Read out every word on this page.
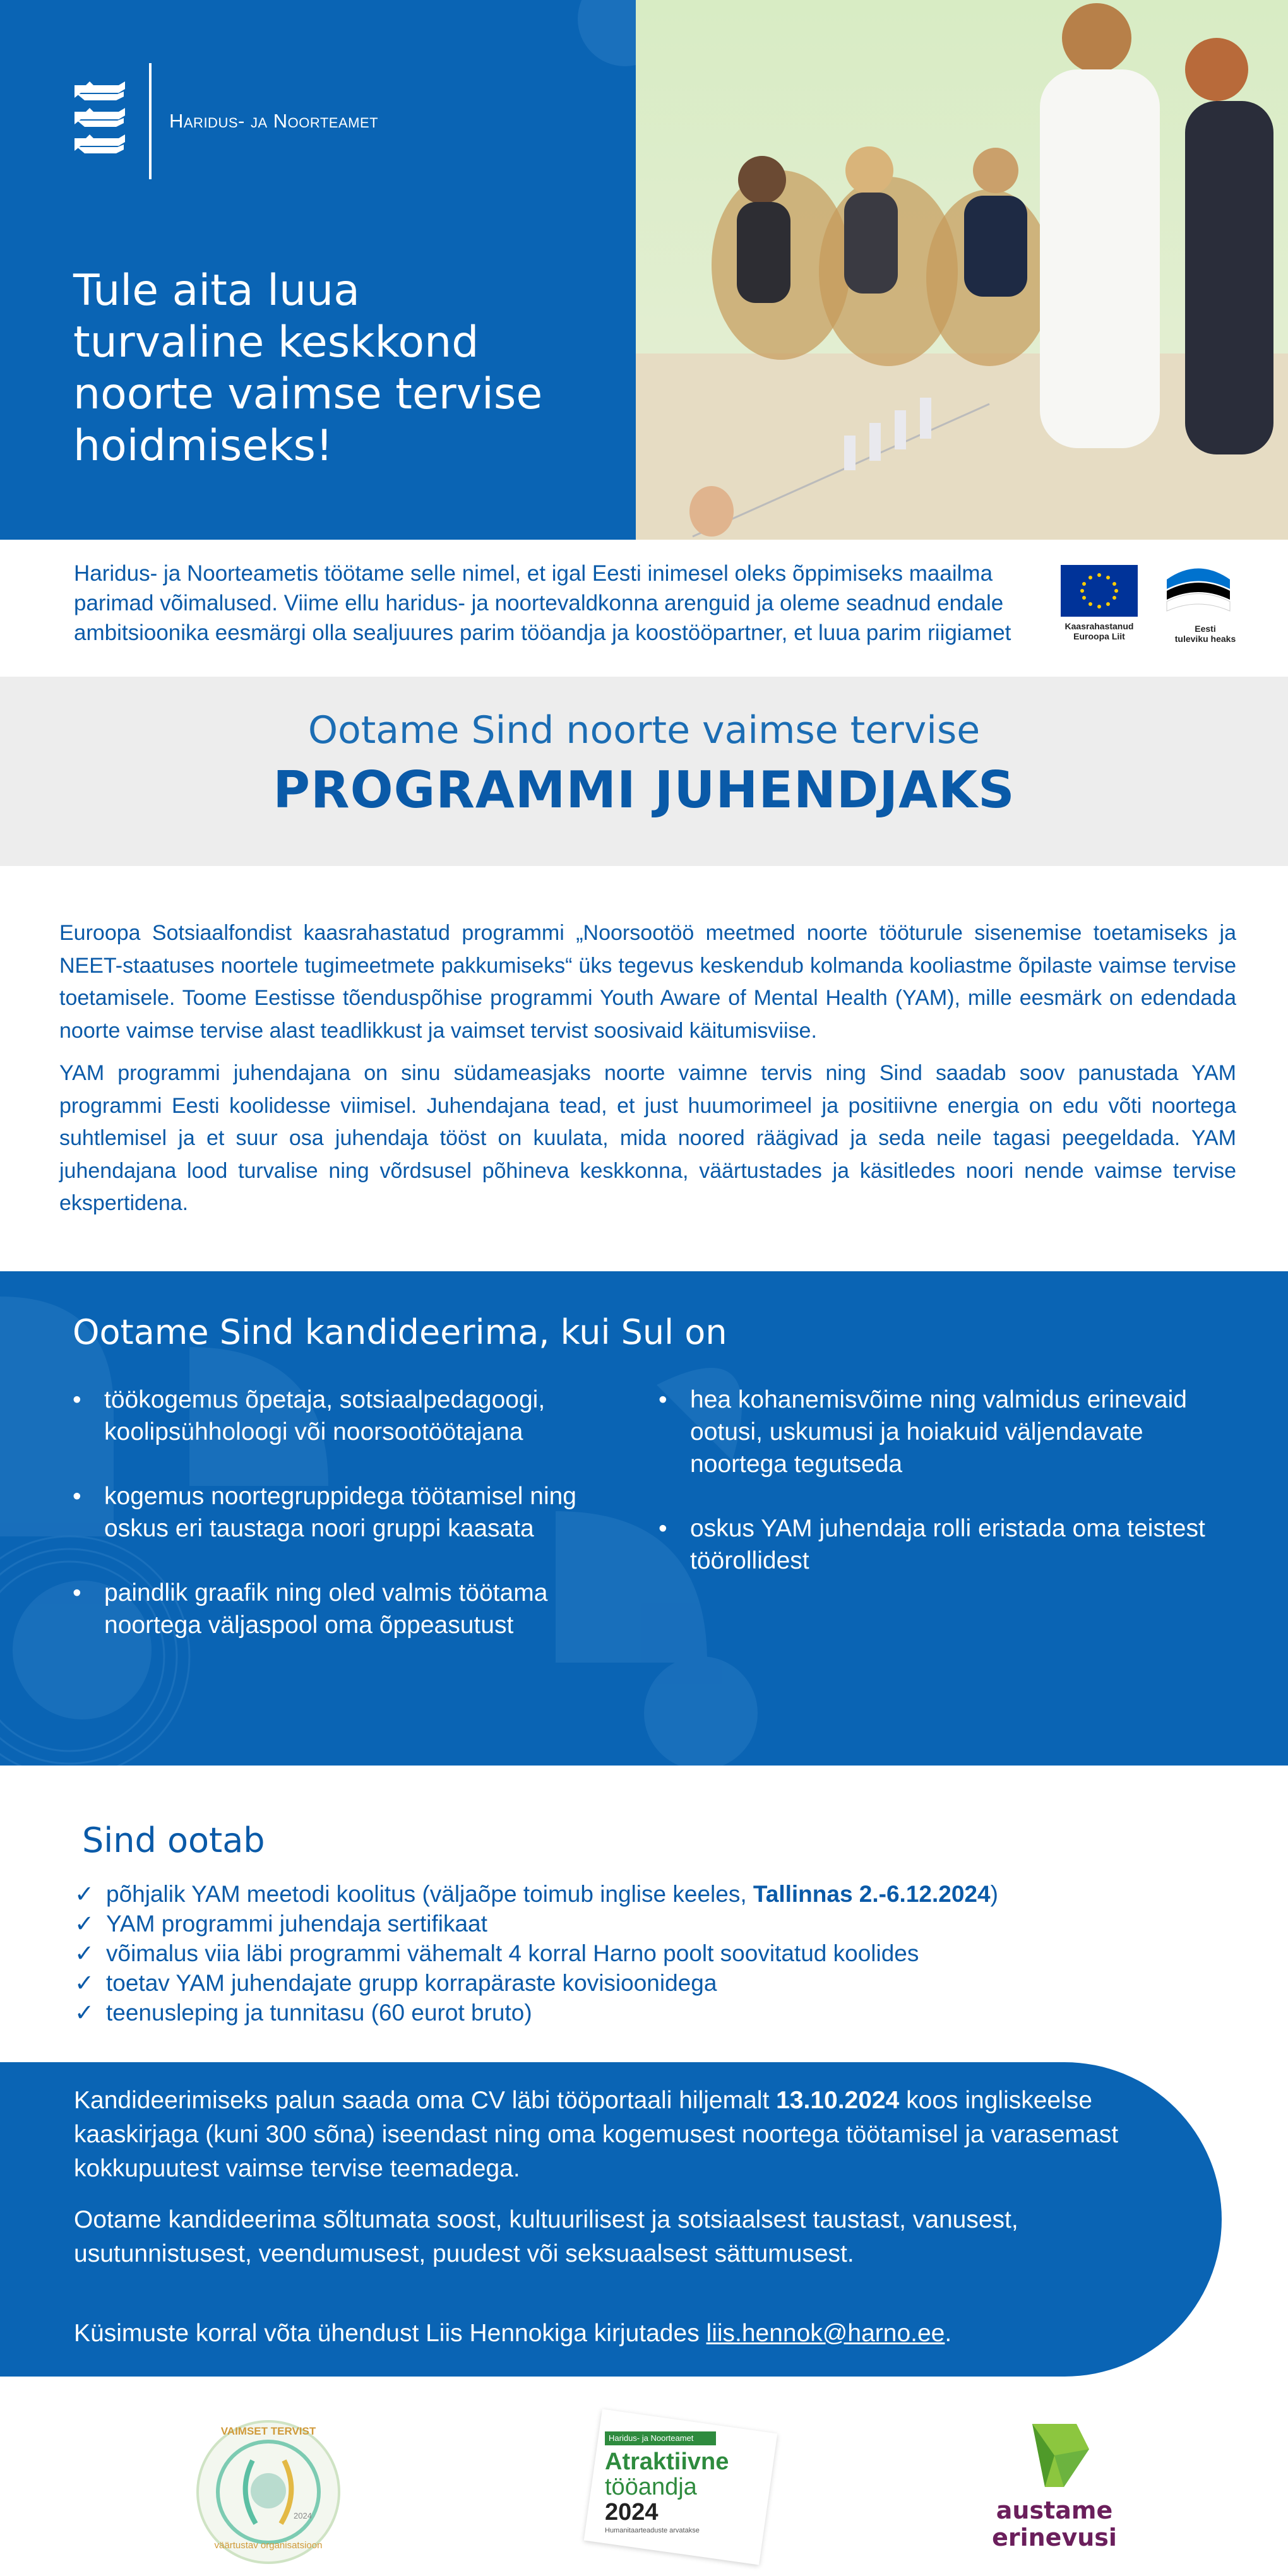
Haridus- ja Noorteamet
Tule aita luua
turvaline keskkond
noorte vaimse tervise
hoidmiseks!
Haridus- ja Noorteametis töötame selle nimel, et igal Eesti inimesel oleks õppimiseks maailma parimad võimalused. Viime ellu haridus- ja noortevaldkonna arenguid ja oleme seadnud endale ambitsioonika eesmärgi olla sealjuures parim tööandja ja koostööpartner, et luua parim riigiamet	Kaasrahastanud
Euroopa Liit
Eesti
tuleviku heaks
Ootame Sind noorte vaimse tervise
PROGRAMMI JUHENDJAKS
Euroopa Sotsiaalfondist kaasrahastatud programmi „Noorsootöö meetmed noorte tööturule sisenemise toetamiseks ja NEET-staatuses noortele tugimeetmete pakkumiseks“ üks tegevus keskendub kolmanda kooliastme õpilaste vaimse tervise toetamisele. Toome Eestisse tõenduspõhise programmi Youth Aware of Mental Health (YAM), mille eesmärk on edendada noorte vaimse tervise alast teadlikkust ja vaimset tervist soosivaid käitumisviise.
YAM programmi juhendajana on sinu südameasjaks noorte vaimne tervis ning Sind saadab soov panustada YAM programmi Eesti koolidesse viimisel. Juhendajana tead, et just huumorimeel ja positiivne energia on edu võti noortega suhtlemisel ja et suur osa juhendaja tööst on kuulata, mida noored räägivad ja seda neile tagasi peegeldada. YAM juhendajana lood turvalise ning võrdsusel põhineva keskkonna, väärtustades ja käsitledes noori nende vaimse tervise ekspertidena.
Ootame Sind kandideerima, kui Sul on
• töökogemus õpetaja, sotsiaalpedagoogi, koolipsühholoogi või noorsootöötajana
• kogemus noortegruppidega töötamisel ning oskus eri taustaga noori gruppi kaasata
• paindlik graafik ning oled valmis töötama noortega väljaspool oma õppeasutust
• hea kohanemisvõime ning valmidus erinevaid ootusi, uskumusi ja hoiakuid väljendavate noortega tegutseda
• oskus YAM juhendaja rolli eristada oma teistest töörollidest
Sind ootab
✓ põhjalik YAM meetodi koolitus (väljaõpe toimub inglise keeles, Tallinnas 2.-6.12.2024)
✓ YAM programmi juhendaja sertifikaat
✓ võimalus viia läbi programmi vähemalt 4 korral Harno poolt soovitatud koolides
✓ toetav YAM juhendajate grupp korrapäraste kovisioonidega
✓ teenusleping ja tunnitasu (60 eurot bruto)
Kandideerimiseks palun saada oma CV läbi tööportaali hiljemalt 13.10.2024 koos ingliskeelse kaaskirjaga (kuni 300 sõna) iseendast ning oma kogemusest noortega töötamisel ja varasemast kokkupuutest vaimse tervise teemadega.
Ootame kandideerima sõltumata soost, kultuurilisest ja sotsiaalsest taustast, vanusest, usutunnistusest, veendumusest, puudest või seksuaalsest sättumusest.
Küsimuste korral võta ühendust Liis Hennokiga kirjutades liis.hennok@harno.ee.
VAIMSET TERVIST
väärtustav organisatsioon
2024
Haridus- ja Noorteamet
Atraktiivne
tööandja
2024
Humanitaarteaduste arvatakse
austame
erinevusi
